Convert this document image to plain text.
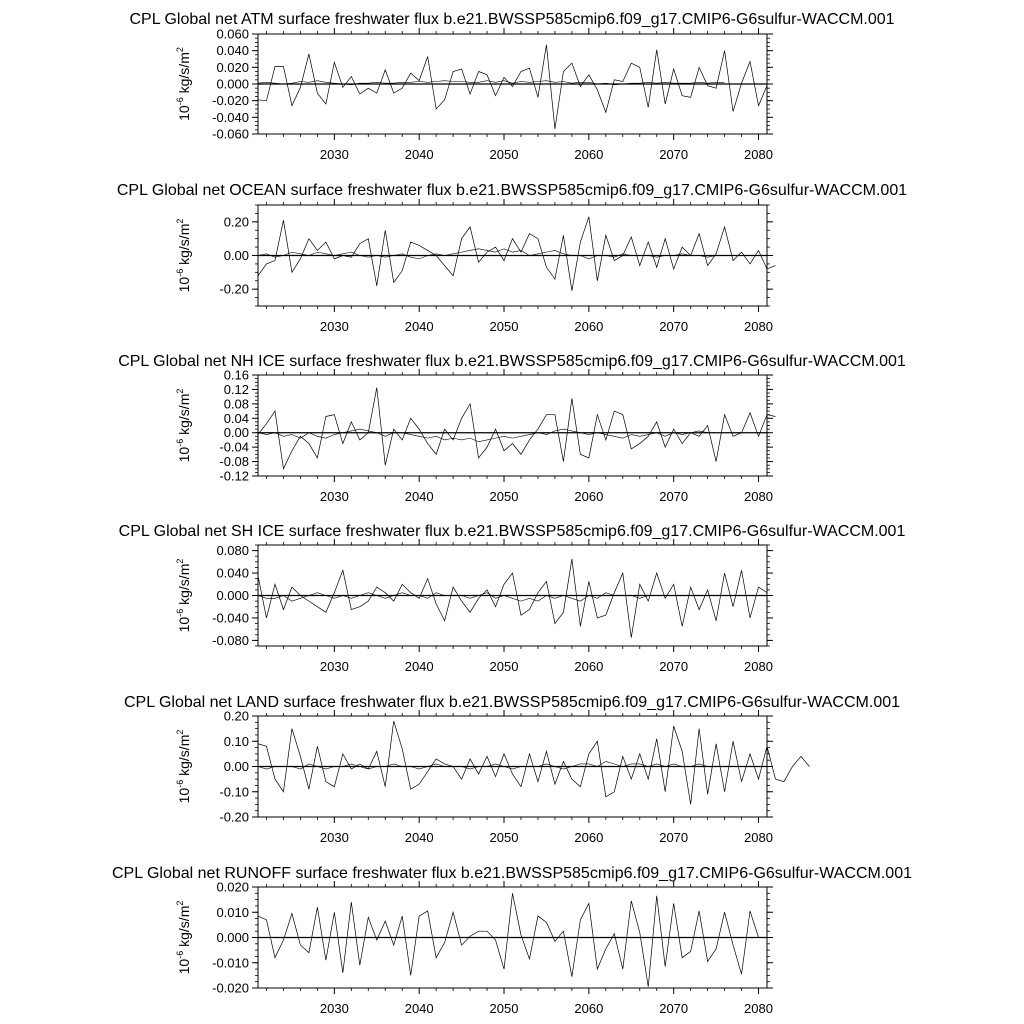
CPL Global net ATM surface freshwater flux b.e21.BWSSP585cmip6.f09_g17.CMIP6-G6sulfur-WACCM.001
-0.060
-0.040
-0.020
0.000
0.020
0.040
0.060
2030	2040	2050	2060	2070	2080
$10^{-6}$ $kg/s/m^2$
CPL Global net OCEAN surface freshwater flux b.e21.BWSSP585cmip6.f09_g17.CMIP6-G6sulfur-WACCM.001
-0.20
0.00
0.20
2030	2040	2050	2060	2070	2080
$10^{-6}$ $kg/s/m^2$
CPL Global net NH ICE surface freshwater flux b.e21.BWSSP585cmip6.f09_g17.CMIP6-G6sulfur-WACCM.001
-0.12
-0.08
-0.04
0.00
0.04
0.08
0.12
0.16
2030	2040	2050	2060	2070	2080
$10^{-6}$ $kg/s/m^2$
CPL Global net SH ICE surface freshwater flux b.e21.BWSSP585cmip6.f09_g17.CMIP6-G6sulfur-WACCM.001
-0.080
-0.040
0.000
0.040
0.080
2030	2040	2050	2060	2070	2080
$10^{-6}$ $kg/s/m^2$
CPL Global net LAND surface freshwater flux b.e21.BWSSP585cmip6.f09_g17.CMIP6-G6sulfur-WACCM.001
-0.20
-0.10
0.00
0.10
0.20
2030	2040	2050	2060	2070	2080
$10^{-6}$ $kg/s/m^2$
CPL Global net RUNOFF surface freshwater flux b.e21.BWSSP585cmip6.f09_g17.CMIP6-G6sulfur-WACCM.001
-0.020
-0.010
0.000
0.010
0.020
2030	2040	2050	2060	2070	2080
$10^{-6}$ $kg/s/m^2$
